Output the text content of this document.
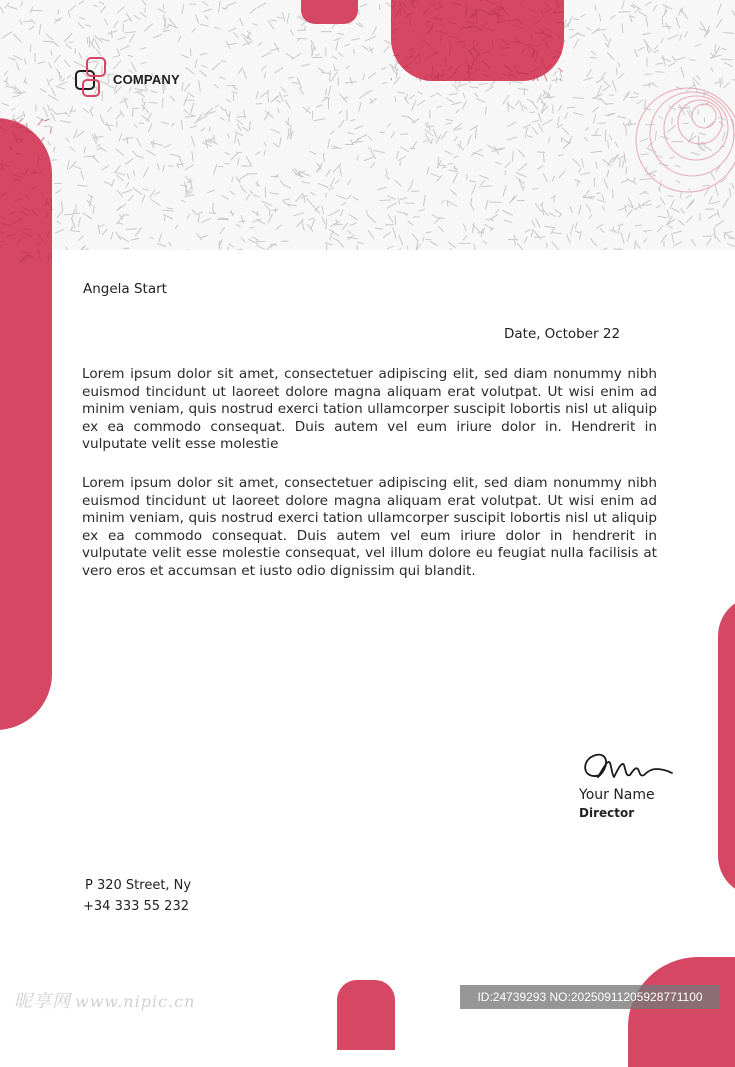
COMPANY
Angela Start
Date, October 22

Lorem ipsum dolor sit amet, consectetuer adipiscing elit, sed diam nonummy nibh euismod tincidunt ut laoreet dolore magna aliquam erat volutpat. Ut wisi enim ad minim veniam, quis nostrud exerci tation ullamcorper suscipit lobortis nisl ut aliquip ex ea commodo consequat. Duis autem vel eum iriure dolor in. Hendrerit in vulputate velit esse molestie

Lorem ipsum dolor sit amet, consectetuer adipiscing elit, sed diam nonummy nibh euismod tincidunt ut laoreet dolore magna aliquam erat volutpat. Ut wisi enim ad minim veniam, quis nostrud exerci tation ullamcorper suscipit lobortis nisl ut aliquip ex ea commodo consequat. Duis autem vel eum iriure dolor in hendrerit in vulputate velit esse molestie consequat, vel illum dolore eu feugiat nulla facilisis at vero eros et accumsan et iusto odio dignissim qui blandit.

Your Name
Director
P 320 Street, Ny
+34 333 55 232
昵享网 www.nipic.cn	ID:24739293 NO:20250911205928771100
